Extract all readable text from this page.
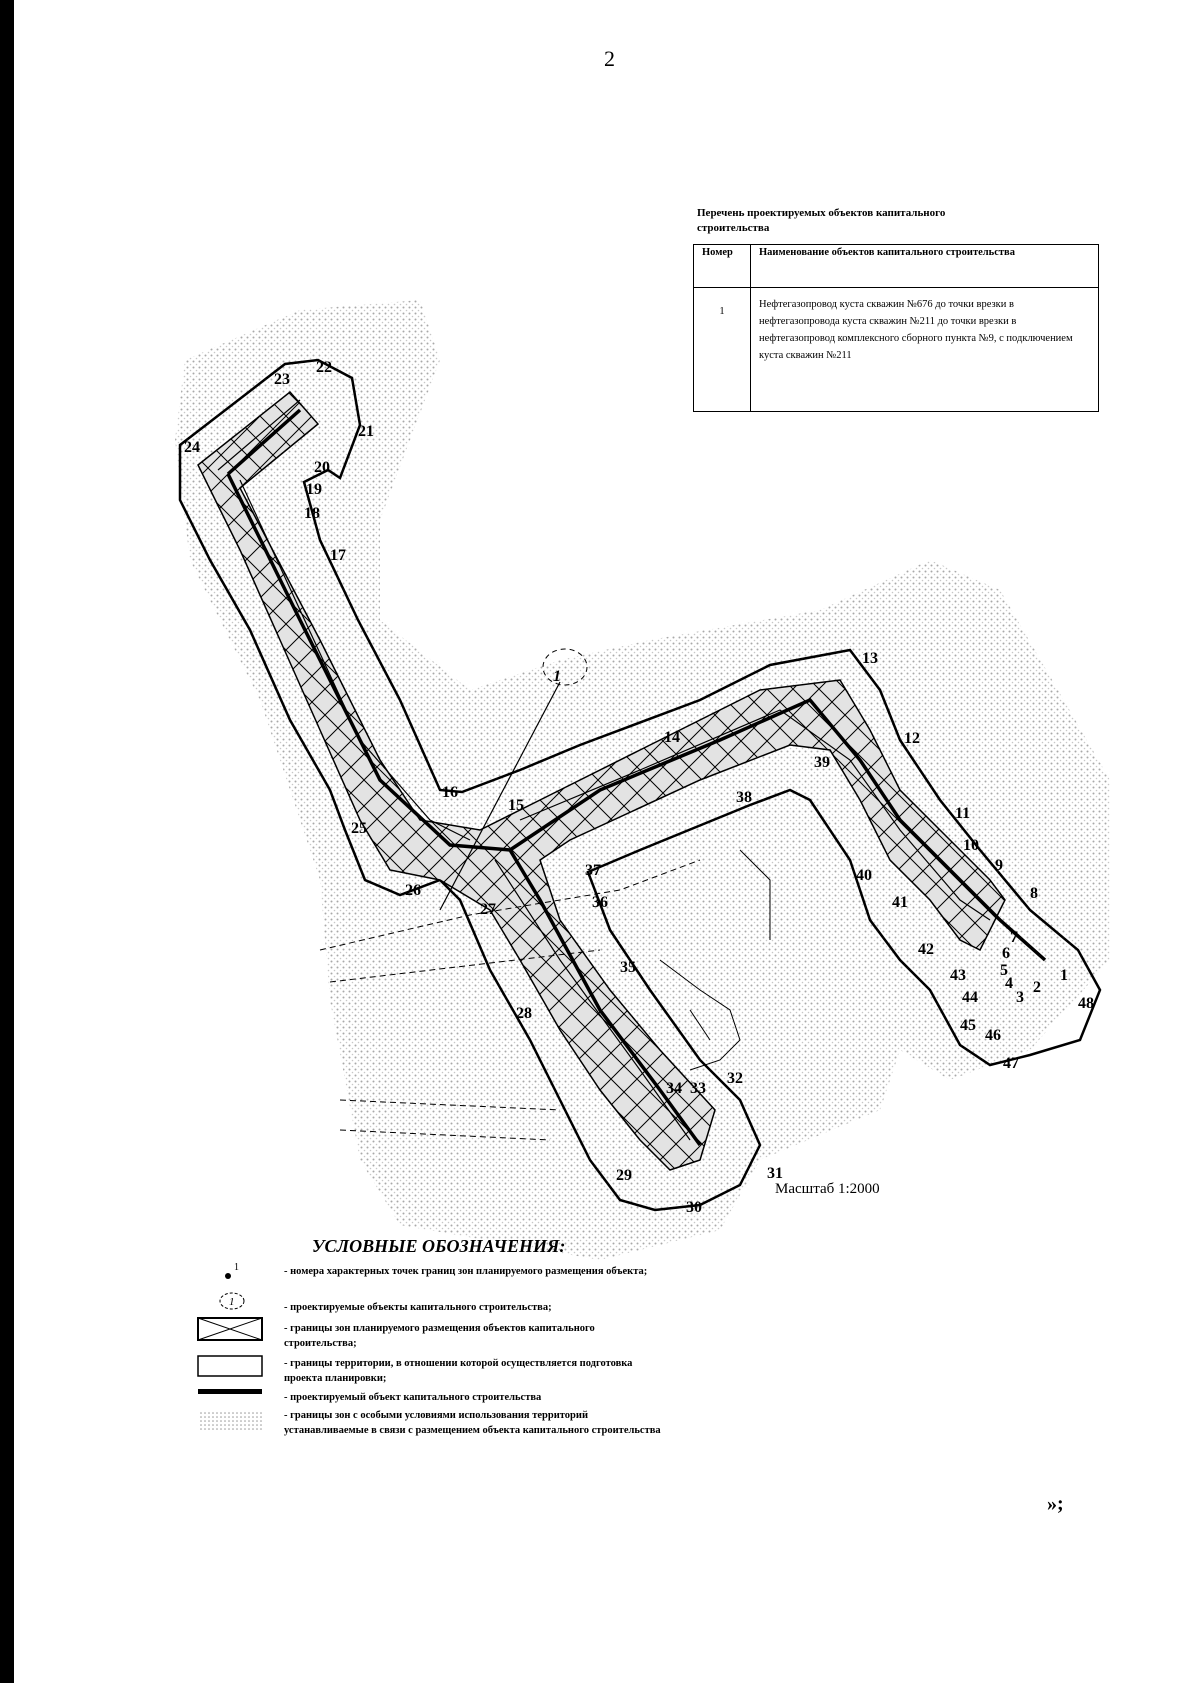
2
Перечень проектируемых объектов капитального строительства
Номер	Наименование объектов капитального строительства
1	Нефтегазопровод куста скважин №676 до точки врезки в нефтегазопровода куста скважин №211 до точки врезки в нефтегазопровод комплексного сборного пункта №9, с подключением куста скважин №211
1
1
2
3
4
5
6
7
8
9
10
11
12
13
14
15
16
17
18
19
20
21
22
23
24
25
26
27
28
29
30
31
32
33
34
35
36
37
38
39
40
41
42
43
44
45
46
47
48
УСЛОВНЫЕ ОБОЗНАЧЕНИЯ:
1
1
- номера характерных точек границ зон планируемого размещения объекта;
- проектируемые объекты капитального строительства;
- границы зон планируемого размещения объектов капитального строительства;
- границы территории, в отношении которой осуществляется подготовка проекта планировки;
- проектируемый объект капитального строительства
- границы зон с особыми условиями использования территорий устанавливаемые в связи с размещением объекта капитального строительства
Масштаб 1:2000
»;
